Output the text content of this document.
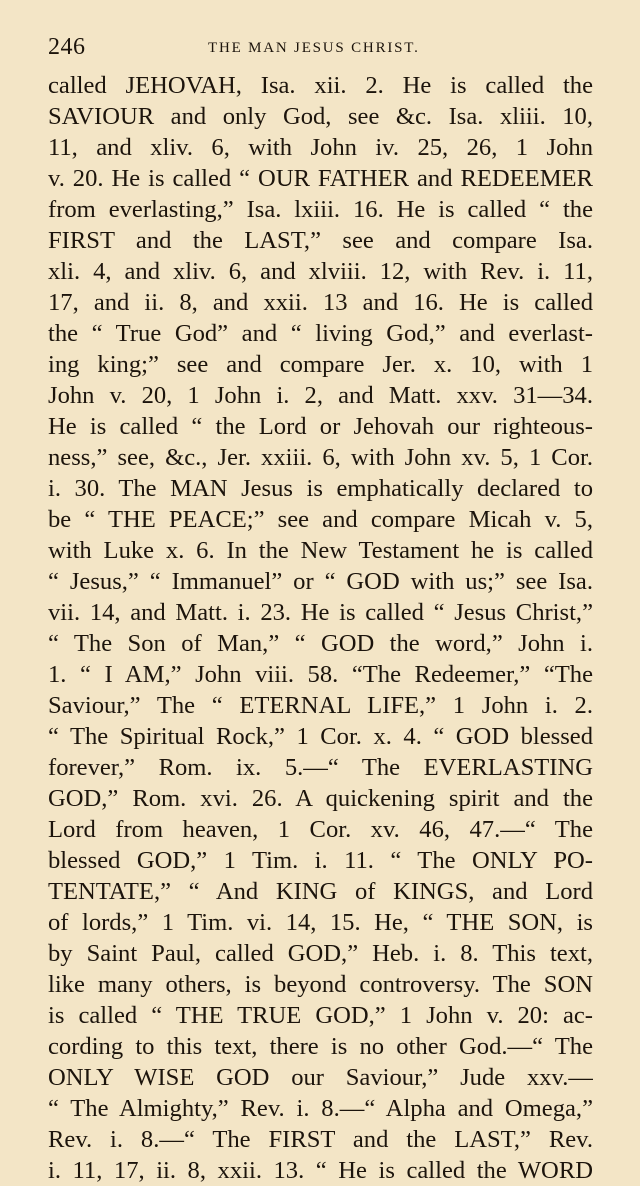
246	THE MAN JESUS CHRIST.
called JEHOVAH, Isa. xii. 2. He is called the
SAVIOUR and only God, see &c. Isa. xliii. 10,
11, and xliv. 6, with John iv. 25, 26, 1 John
v. 20. He is called “ OUR FATHER and REDEEMER
from everlasting,” Isa. lxiii. 16. He is called “ the
FIRST and the LAST,” see and compare Isa.
xli. 4, and xliv. 6, and xlviii. 12, with Rev. i. 11,
17, and ii. 8, and xxii. 13 and 16. He is called
the “ True God” and “ living God,” and everlast-
ing king;” see and compare Jer. x. 10, with 1
John v. 20, 1 John i. 2, and Matt. xxv. 31—34.
He is called “ the Lord or Jehovah our righteous-
ness,” see, &c., Jer. xxiii. 6, with John xv. 5, 1 Cor.
i. 30. The MAN Jesus is emphatically declared to
be “ THE PEACE;” see and compare Micah v. 5,
with Luke x. 6. In the New Testament he is called
“ Jesus,” “ Immanuel” or “ GOD with us;” see Isa.
vii. 14, and Matt. i. 23. He is called “ Jesus Christ,”
“ The Son of Man,” “ GOD the word,” John i.
1. “ I AM,” John viii. 58. “The Redeemer,” “The
Saviour,” The “ ETERNAL LIFE,” 1 John i. 2.
“ The Spiritual Rock,” 1 Cor. x. 4. “ GOD blessed
forever,” Rom. ix. 5.—“ The EVERLASTING
GOD,” Rom. xvi. 26. A quickening spirit and the
Lord from heaven, 1 Cor. xv. 46, 47.—“ The
blessed GOD,” 1 Tim. i. 11. “ The ONLY PO-
TENTATE,” “ And KING of KINGS, and Lord
of lords,” 1 Tim. vi. 14, 15. He, “ THE SON, is
by Saint Paul, called GOD,” Heb. i. 8. This text,
like many others, is beyond controversy. The SON
is called “ THE TRUE GOD,” 1 John v. 20: ac-
cording to this text, there is no other God.—“ The
ONLY WISE GOD our Saviour,” Jude xxv.—
“ The Almighty,” Rev. i. 8.—“ Alpha and Omega,”
Rev. i. 8.—“ The FIRST and the LAST,” Rev.
i. 11, 17, ii. 8, xxii. 13. “ He is called the WORD
